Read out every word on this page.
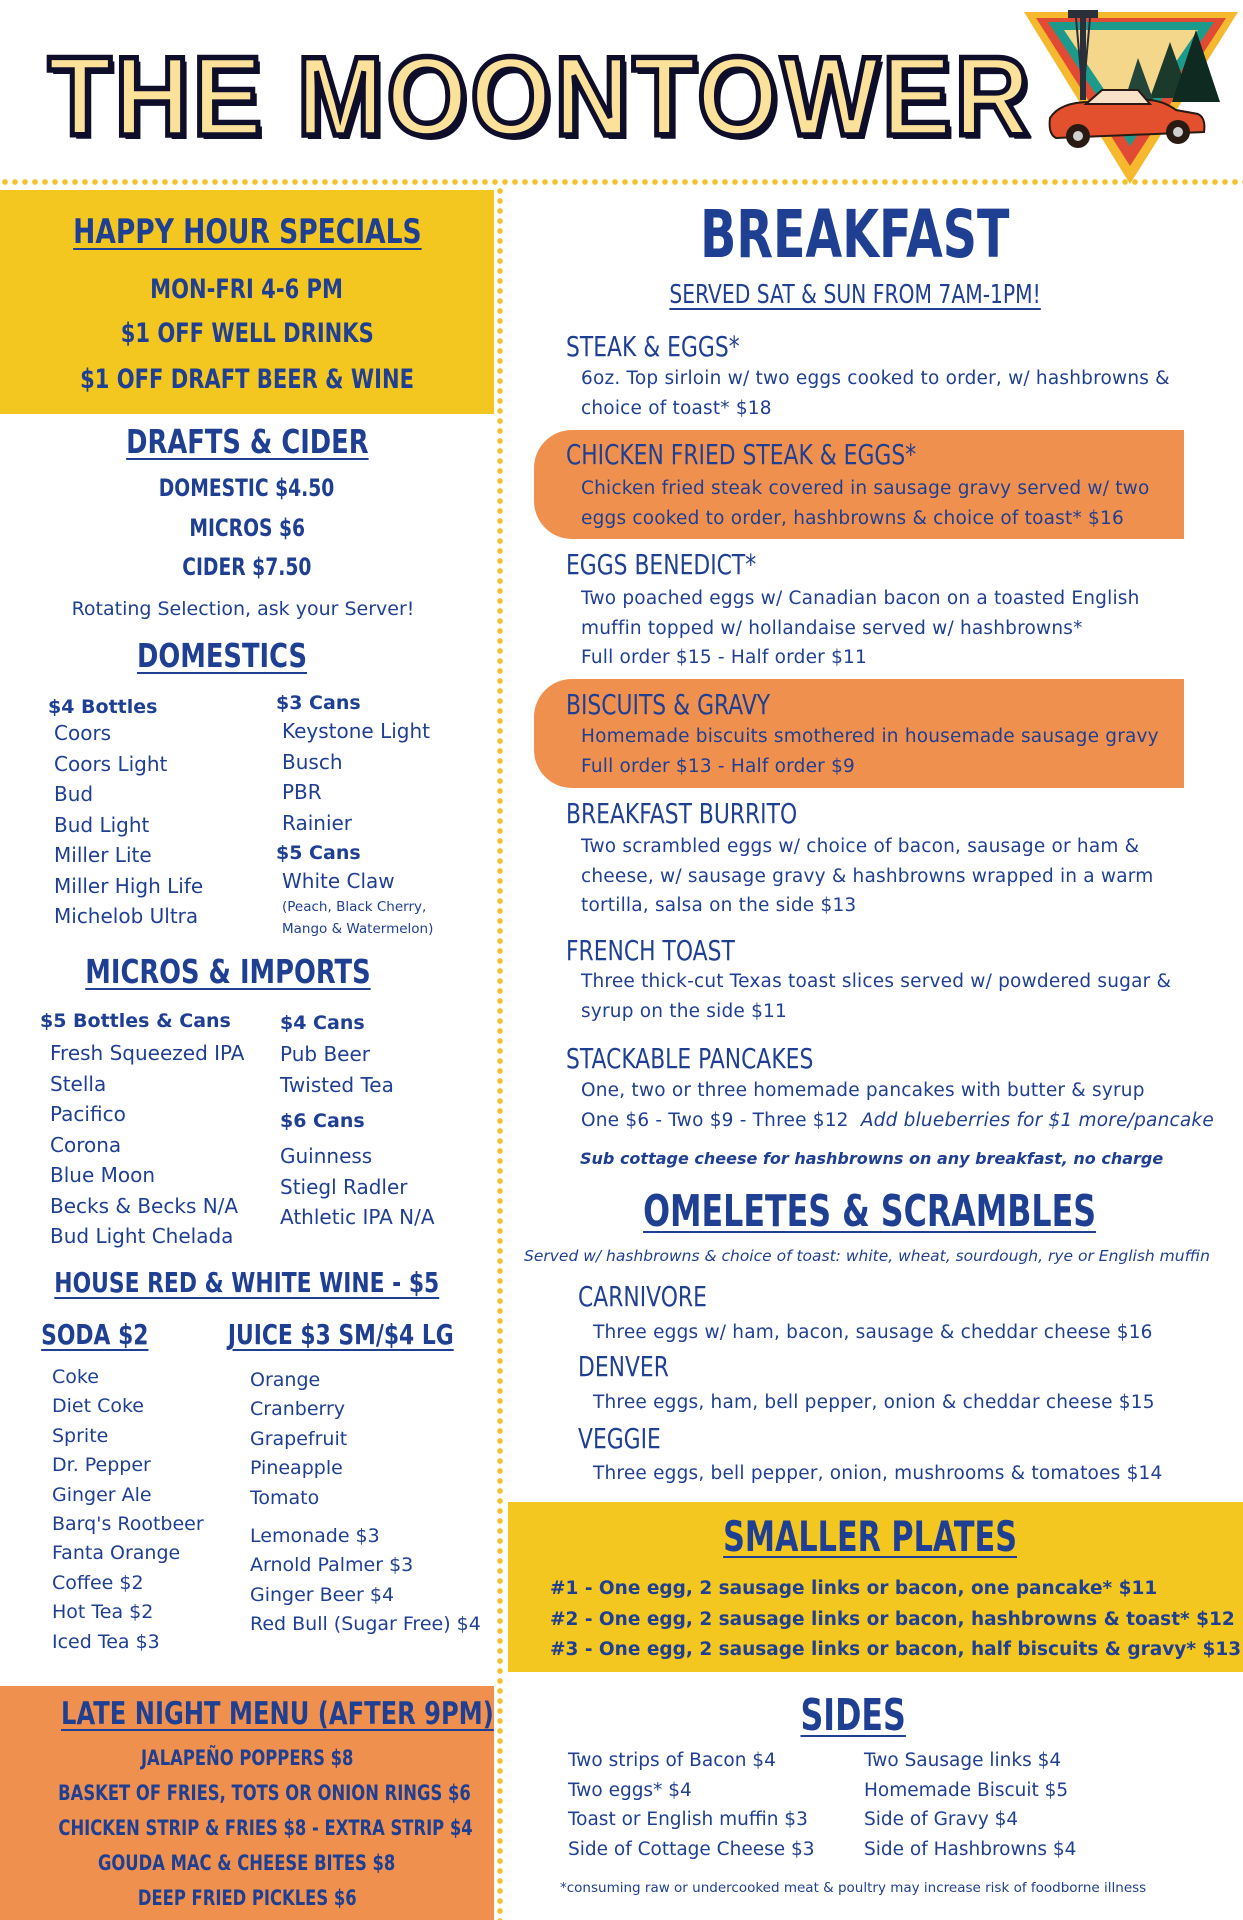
THE MOONTOWER
HAPPY HOUR SPECIALS
MON-FRI 4-6 PM
$1 OFF WELL DRINKS
$1 OFF DRAFT BEER & WINE
DRAFTS & CIDER
DOMESTIC $4.50
MICROS $6
CIDER $7.50
Rotating Selection, ask your Server!
DOMESTICS
$4 Bottles
Coors
Coors Light
Bud
Bud Light
Miller Lite
Miller High Life
Michelob Ultra
$3 Cans
Keystone Light
Busch
PBR
Rainier
$5 Cans
White Claw
(Peach, Black Cherry,
Mango & Watermelon)
MICROS & IMPORTS
$5 Bottles & Cans
Fresh Squeezed IPA
Stella
Pacifico
Corona
Blue Moon
Becks & Becks N/A
Bud Light Chelada
$4 Cans
Pub Beer
Twisted Tea
$6 Cans
Guinness
Stiegl Radler
Athletic IPA N/A
HOUSE RED & WHITE WINE - $5
SODA $2	JUICE $3 SM/$4 LG
Coke
Diet Coke
Sprite
Dr. Pepper
Ginger Ale
Barq's Rootbeer
Fanta Orange
Coffee $2
Hot Tea $2
Iced Tea $3
Orange
Cranberry
Grapefruit
Pineapple
Tomato
Lemonade $3
Arnold Palmer $3
Ginger Beer $4
Red Bull (Sugar Free) $4
LATE NIGHT MENU (AFTER 9PM)
JALAPEÑO POPPERS $8
BASKET OF FRIES, TOTS OR ONION RINGS $6
CHICKEN STRIP & FRIES $8 - EXTRA STRIP $4
GOUDA MAC & CHEESE BITES $8
DEEP FRIED PICKLES $6
BREAKFAST
SERVED SAT & SUN FROM 7AM-1PM!
STEAK & EGGS*
6oz. Top sirloin w/ two eggs cooked to order, w/ hashbrowns &
choice of toast* $18
CHICKEN FRIED STEAK & EGGS*
Chicken fried steak covered in sausage gravy served w/ two
eggs cooked to order, hashbrowns & choice of toast* $16
EGGS BENEDICT*
Two poached eggs w/ Canadian bacon on a toasted English
muffin topped w/ hollandaise served w/ hashbrowns*
Full order $15 - Half order $11
BISCUITS & GRAVY
Homemade biscuits smothered in housemade sausage gravy
Full order $13 - Half order $9
BREAKFAST BURRITO
Two scrambled eggs w/ choice of bacon, sausage or ham &
cheese, w/ sausage gravy & hashbrowns wrapped in a warm
tortilla, salsa on the side $13
FRENCH TOAST
Three thick-cut Texas toast slices served w/ powdered sugar &
syrup on the side $11
STACKABLE PANCAKES
One, two or three homemade pancakes with butter & syrup
One $6 - Two $9 - Three $12 Add blueberries for $1 more/pancake
Sub cottage cheese for hashbrowns on any breakfast, no charge
OMELETES & SCRAMBLES
Served w/ hashbrowns & choice of toast: white, wheat, sourdough, rye or English muffin
CARNIVORE
Three eggs w/ ham, bacon, sausage & cheddar cheese $16
DENVER
Three eggs, ham, bell pepper, onion & cheddar cheese $15
VEGGIE
Three eggs, bell pepper, onion, mushrooms & tomatoes $14
SMALLER PLATES
#1 - One egg, 2 sausage links or bacon, one pancake* $11
#2 - One egg, 2 sausage links or bacon, hashbrowns & toast* $12
#3 - One egg, 2 sausage links or bacon, half biscuits & gravy* $13
SIDES
Two strips of Bacon $4
Two eggs* $4
Toast or English muffin $3
Side of Cottage Cheese $3
Two Sausage links $4
Homemade Biscuit $5
Side of Gravy $4
Side of Hashbrowns $4
*consuming raw or undercooked meat & poultry may increase risk of foodborne illness
